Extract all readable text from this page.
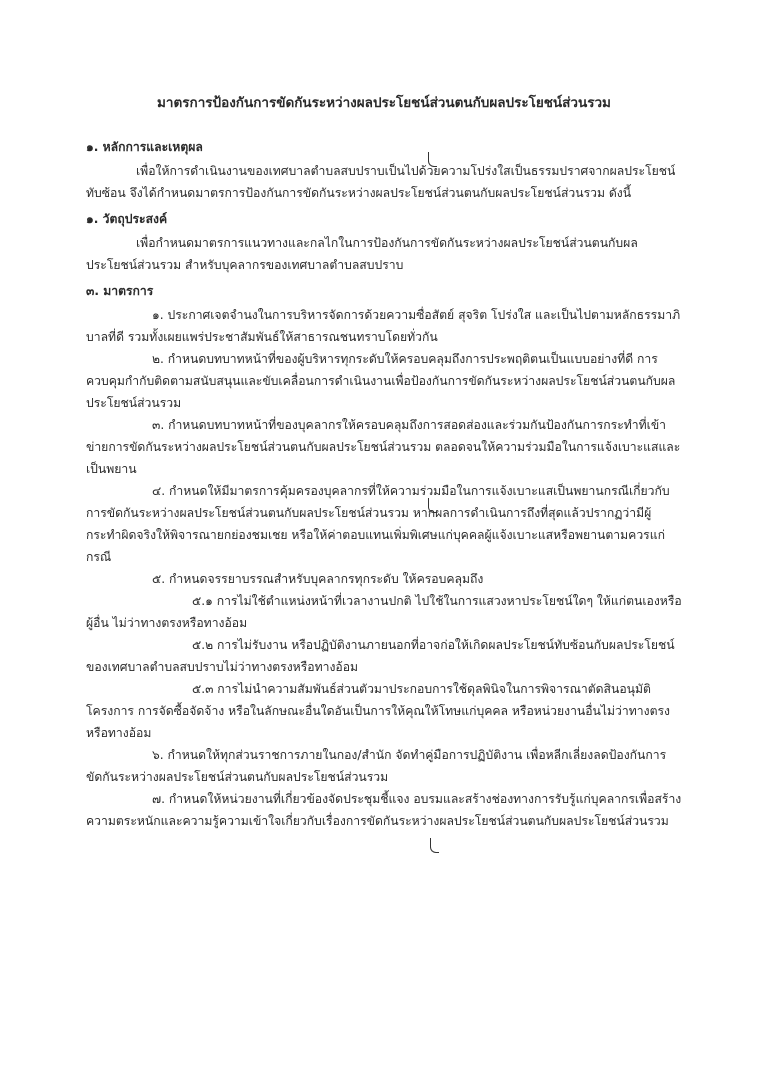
มาตรการป้องกันการขัดกันระหว่างผลประโยชน์ส่วนตนกับผลประโยชน์ส่วนรวม
๑. หลักการและเหตุผล

เพื่อให้การดำเนินงานของเทศบาลตำบลสบปราบเป็นไปด้วยความโปร่งใสเป็นธรรมปราศจากผลประโยชน์ทับซ้อน จึงได้กำหนดมาตรการป้องกันการขัดกันระหว่างผลประโยชน์ส่วนตนกับผลประโยชน์ส่วนรวม ดังนี้

๑. วัตถุประสงค์

เพื่อกำหนดมาตรการแนวทางและกลไกในการป้องกันการขัดกันระหว่างผลประโยชน์ส่วนตนกับผลประโยชน์ส่วนรวม สำหรับบุคลากรของเทศบาลตำบลสบปราบ

๓. มาตรการ

๑. ประกาศเจตจำนงในการบริหารจัดการด้วยความซื่อสัตย์ สุจริต โปร่งใส และเป็นไปตามหลักธรรมาภิบาลที่ดี รวมทั้งเผยแพร่ประชาสัมพันธ์ให้สาธารณชนทราบโดยทั่วกัน

๒. กำหนดบทบาทหน้าที่ของผู้บริหารทุกระดับให้ครอบคลุมถึงการประพฤติตนเป็นแบบอย่างที่ดี การควบคุมกำกับติดตามสนับสนุนและขับเคลื่อนการดำเนินงานเพื่อป้องกันการขัดกันระหว่างผลประโยชน์ส่วนตนกับผลประโยชน์ส่วนรวม

๓. กำหนดบทบาทหน้าที่ของบุคลากรให้ครอบคลุมถึงการสอดส่องและร่วมกันป้องกันการกระทำที่เข้าข่ายการขัดกันระหว่างผลประโยชน์ส่วนตนกับผลประโยชน์ส่วนรวม ตลอดจนให้ความร่วมมือในการแจ้งเบาะแสและเป็นพยาน

๔. กำหนดให้มีมาตรการคุ้มครองบุคลากรที่ให้ความร่วมมือในการแจ้งเบาะแสเป็นพยานกรณีเกี่ยวกับการขัดกันระหว่างผลประโยชน์ส่วนตนกับผลประโยชน์ส่วนรวม หากผลการดำเนินการถึงที่สุดแล้วปรากฏว่ามีผู้กระทำผิดจริงให้พิจารณายกย่องชมเชย หรือให้ค่าตอบแทนเพิ่มพิเศษแก่บุคคลผู้แจ้งเบาะแสหรือพยานตามควรแก่กรณี

๕. กำหนดจรรยาบรรณสำหรับบุคลากรทุกระดับ ให้ครอบคลุมถึง

๕.๑ การไม่ใช้ตำแหน่งหน้าที่เวลางานปกติ ไปใช้ในการแสวงหาประโยชน์ใดๆ ให้แก่ตนเองหรือผู้อื่น ไม่ว่าทางตรงหรือทางอ้อม

๕.๒ การไม่รับงาน หรือปฏิบัติงานภายนอกที่อาจก่อให้เกิดผลประโยชน์ทับซ้อนกับผลประโยชน์ของเทศบาลตำบลสบปราบไม่ว่าทางตรงหรือทางอ้อม

๕.๓ การไม่นำความสัมพันธ์ส่วนตัวมาประกอบการใช้ดุลพินิจในการพิจารณาตัดสินอนุมัติโครงการ การจัดซื้อจัดจ้าง หรือในลักษณะอื่นใดอันเป็นการให้คุณให้โทษแก่บุคคล หรือหน่วยงานอื่นไม่ว่าทางตรงหรือทางอ้อม

๖. กำหนดให้ทุกส่วนราชการภายในกอง/สำนัก จัดทำคู่มือการปฏิบัติงาน เพื่อหลีกเลี่ยงลดป้องกันการขัดกันระหว่างผลประโยชน์ส่วนตนกับผลประโยชน์ส่วนรวม

๗. กำหนดให้หน่วยงานที่เกี่ยวข้องจัดประชุมชี้แจง อบรมและสร้างช่องทางการรับรู้แก่บุคลากรเพื่อสร้างความตระหนักและความรู้ความเข้าใจเกี่ยวกับเรื่องการขัดกันระหว่างผลประโยชน์ส่วนตนกับผลประโยชน์ส่วนรวม
